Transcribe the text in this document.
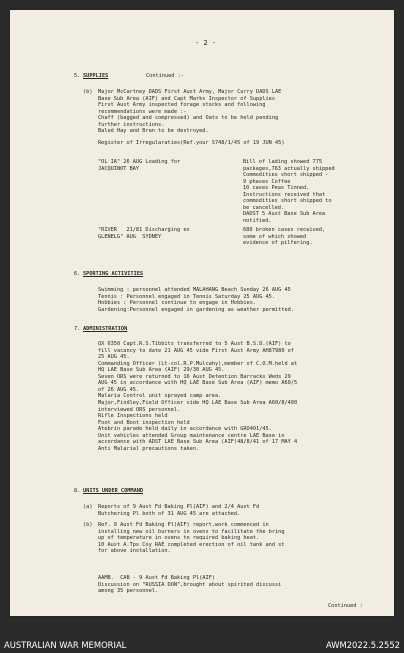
- 2 -
5. SUPPLIES	Continued :-
(b) Major McCartney DADS First Aust Army, Major Curry DADS LAE
Base Sub Area (AIF) and Capt Marks Inspector of Supplies
First Aust Army inspected forage stocks and following
recommendations were made :-
Chaff (bagged and compressed) and Oats to be held pending
further instructions.
Baled Hay and Bran to be destroyed.
Register of Irregularaties(Ref.your S748/1/45 of 19 JUN 45)
"OL IA" 26 AUG Loading for
JACQUINOT BAY
Bill of lading showed 775
packages,763 actually shipped
Commodities short shipped -
9 phases Coffee
10 cases Peas Tinned.
Instructions received that
commodities short shipped to
be cancelled.
DADST 5 Aust Base Sub Area
notified.
"RIVER   21/81 Discharging ex
GLENELG" AUG  SYDNEY
680 broken cases received,
some of which showed
evidence of pilfering.
6. SPORTING ACTIVITIES
Swimming : personnel attended MALAHANG Beach Sunday 26 AUG 45
Tennis : Personnel engaged in Tennis Saturday 25 AUG 45.
Hobbies : Personnel continue to engage in Hobbies.
Gardening:Personnel engaged in gardening as weather permitted.
7. ADMINISTRATION
QX 6350 Capt.R.S.Tibbits transferred to 5 Aust B.S.D.(AIF) to
fill vacancy to date 21 AUG 45 vide First Aust Army AH87980 of
25 AUG 45.
Commanding Officer (Lt-col.R.P.Mulcahy),member of C.O.M.held at
HQ LAE Base Sub Area (AIF) 29/30 AUG 45.
Seven ORS were returned to 16 Aust Detention Barracks Weds 29
AUG 45 in accordance with HQ LAE Base Sub Area (AIF) memo A60/5
of 26 AUG 45.
Malaria Control unit sprayed camp area.
Major,Findley,Field Officer vide HQ LAE Base Sub Area A60/8/400
interviewed ORS personnel.
Rifle Inspections held
Foot and Boot inspection held
Atebrin parade held daily in accordance with GRO401/45.
Unit vehicles attended Group maintenance centre LAE Base in
accordance with ADST LAE Base Sub Area (AIF)48/8/41 of 17 MAY 4
Anti Malarial precautions taken.
8. UNITS UNDER COMMAND
(a) Reports of 9 Aust Fd Baking Pl(AIF) and 2/4 Aust Fd
Butchering Pl both of 31 AUG 45 are attached.
(b) Ref. 9 Aust Fd Baking Pl(AIF) report,work commenced in
installing new oil burners in ovens to facilitate the bring
up of temperature in ovens to required baking heat.
10 Aust A.Tps Coy RAE completed erection of oil tank and st
for above installation.
AAMB.  CAB - 9 Aust Fd Baking Pl(AIF)
Discussion on "RUSSIA DON",brought about spirited discussi
among 35 personnel.
Continued :
AUSTRALIAN WAR MEMORIAL	AWM2022.5.2552
